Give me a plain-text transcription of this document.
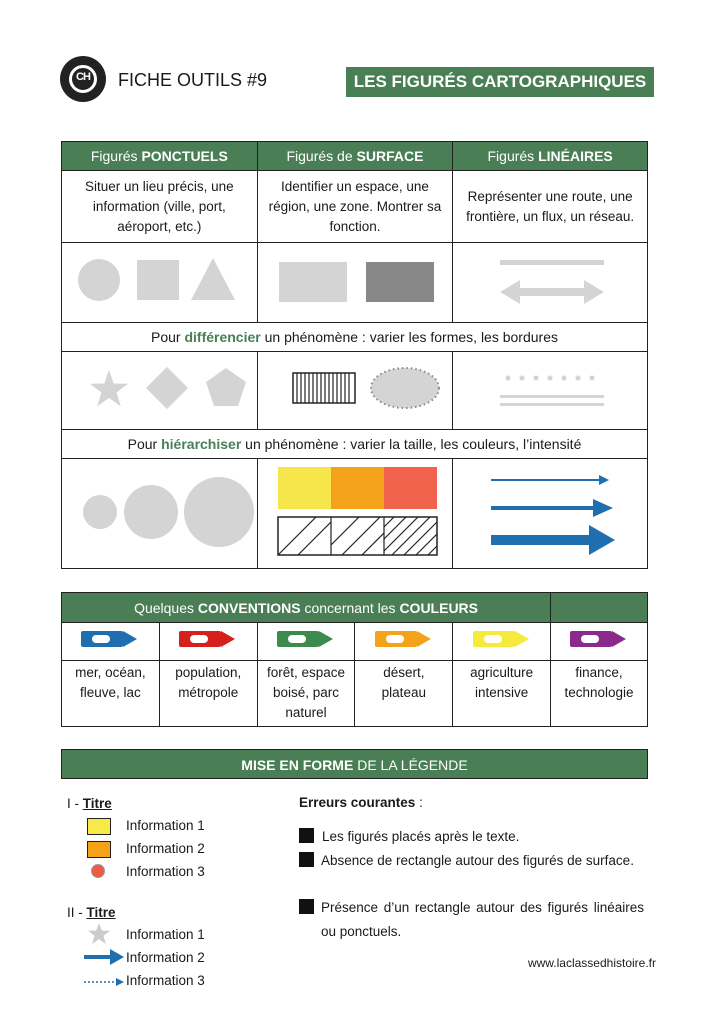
CH	FICHE OUTILS #9	LES FIGURÉS CARTOGRAPHIQUES
Figurés PONCTUELS	Figurés de SURFACE	Figurés LINÉAIRES
Situer un lieu précis, une information (ville, port, aéroport, etc.)	Identifier un espace, une région, une zone. Montrer sa fonction.	Représenter une route, une frontière, un flux, un réseau.

Pour différencier un phénomène : varier les formes, les bordures		

Pour hiérarchiser un phénomène : varier la taille, les couleurs, l’intensité		

Quelques CONVENTIONS concernant les COULEURS					

mer, océan, fleuve, lac	population, métropole	forêt, espace boisé, parc naturel	désert, plateau	agriculture intensive	finance, technologie
MISE EN FORME DE LA LÉGENDE
I - Titre
Information 1
Information 2
Information 3
II - Titre
Information 1
Information 2
Information 3
Erreurs courantes :
Les figurés placés après le texte.
Absence de rectangle autour des figurés de surface.
Présence d’un rectangle autour des figurés linéaires ou ponctuels.
www.laclassedhistoire.fr
